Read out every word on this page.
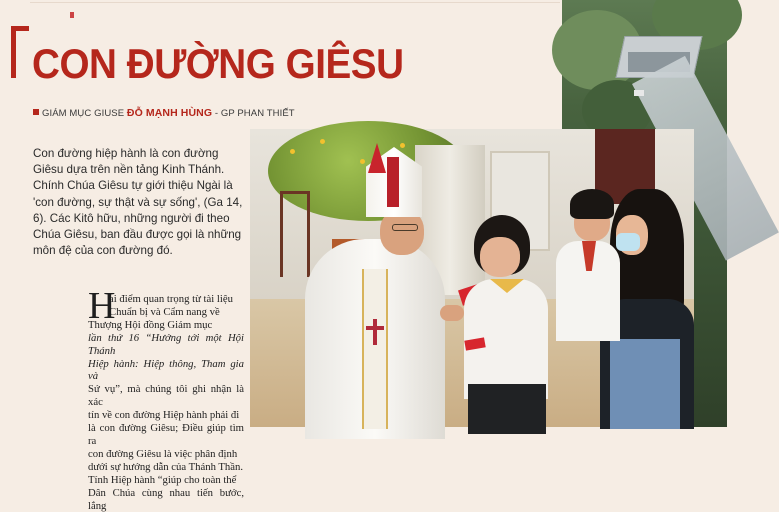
CON ĐƯỜNG GIÊSU
GIÁM MỤC GIUSE ĐỖ MẠNH HÙNG - GP PHAN THIẾT

Con đường hiệp hành là con đường Giêsu dựa trên nền tảng Kinh Thánh. Chính Chúa Giêsu tự giới thiệu Ngài là 'con đường, sự thật và sự sống', (Ga 14, 6). Các Kitô hữu, những người đi theo Chúa Giêsu, ban đầu được gọi là những môn đệ của con đường đó.

H
ai điểm quan trọng từ tài liệu
Chuẩn bị và Cẩm nang về
Thượng Hội đồng Giám mục
lần thứ 16 “Hướng tới một Hội Thánh
Hiệp hành: Hiệp thông, Tham gia và
Sứ vụ”, mà chúng tôi ghi nhận là xác
tín về con đường Hiệp hành phải đi
là con đường Giêsu; Điều giúp tìm ra
con đường Giêsu là việc phân định
dưới sự hướng dẫn của Thánh Thần.
Tính Hiệp hành “giúp cho toàn thể
Dân Chúa cùng nhau tiến bước, lắng
